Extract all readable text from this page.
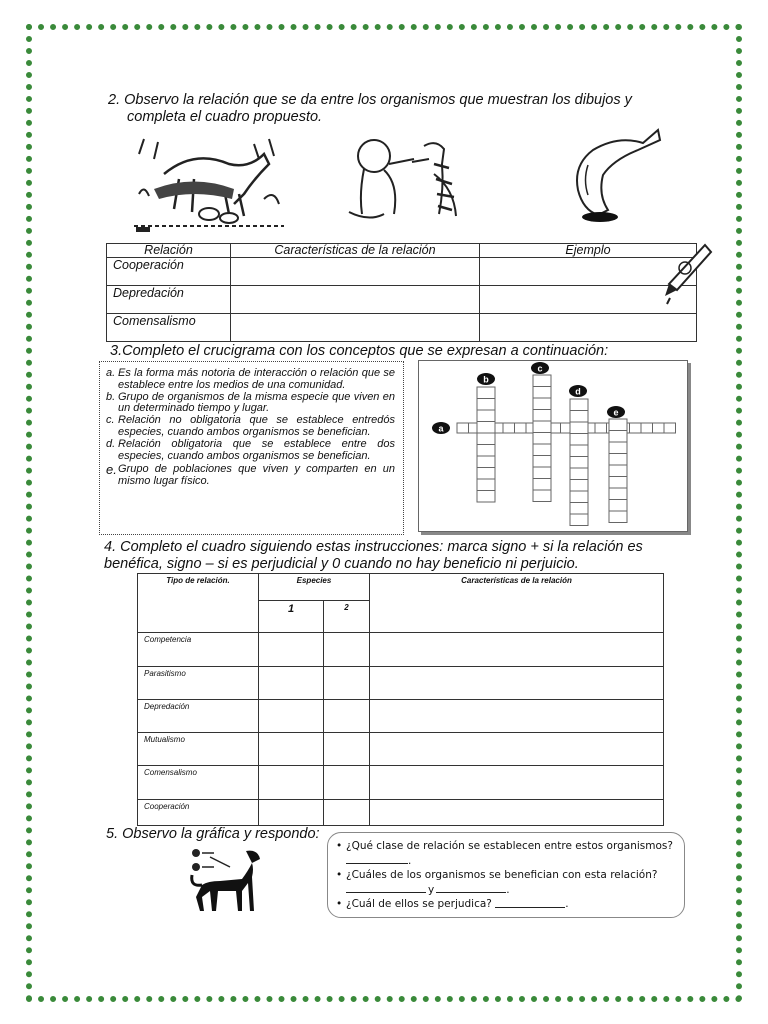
2. Observo la relación que se da entre los organismos que muestran los dibujos y
completa el cuadro propuesto.
Relación	Características de la relación	Ejemplo
Cooperación		
Depredación		
Comensalismo		
3.Completo el crucigrama con los conceptos que se expresan a continuación:
a. Es la forma más notoria de interacción o relación que se establece entre los medios de una comunidad.
b. Grupo de organismos de la misma especie que viven en un determinado tiempo y lugar.
c. Relación no obligatoria que se establece entredós especies, cuando ambos organismos se benefician.
d. Relación obligatoria que se establece entre dos especies, cuando ambos organismos se benefician.
e. Grupo de poblaciones que viven y comparten en un mismo lugar físico.
a
b
c
d
e
4. Completo el cuadro siguiendo estas instrucciones: marca signo + si la relación es
benéfica, signo – si es perjudicial y 0 cuando no hay beneficio ni perjuicio.
Tipo de relación.	Especies		Características de la relación
	1	2	
Competencia			
Parasitismo			
Depredación			
Mutualismo			
Comensalismo			
Cooperación			
5. Observo la gráfica y respondo:
• ¿Qué clase de relación se establecen entre estos organismos?
.
• ¿Cuáles de los organismos se benefician con esta relación?
y	.
• ¿Cuál de ellos se perjudica?
	.
